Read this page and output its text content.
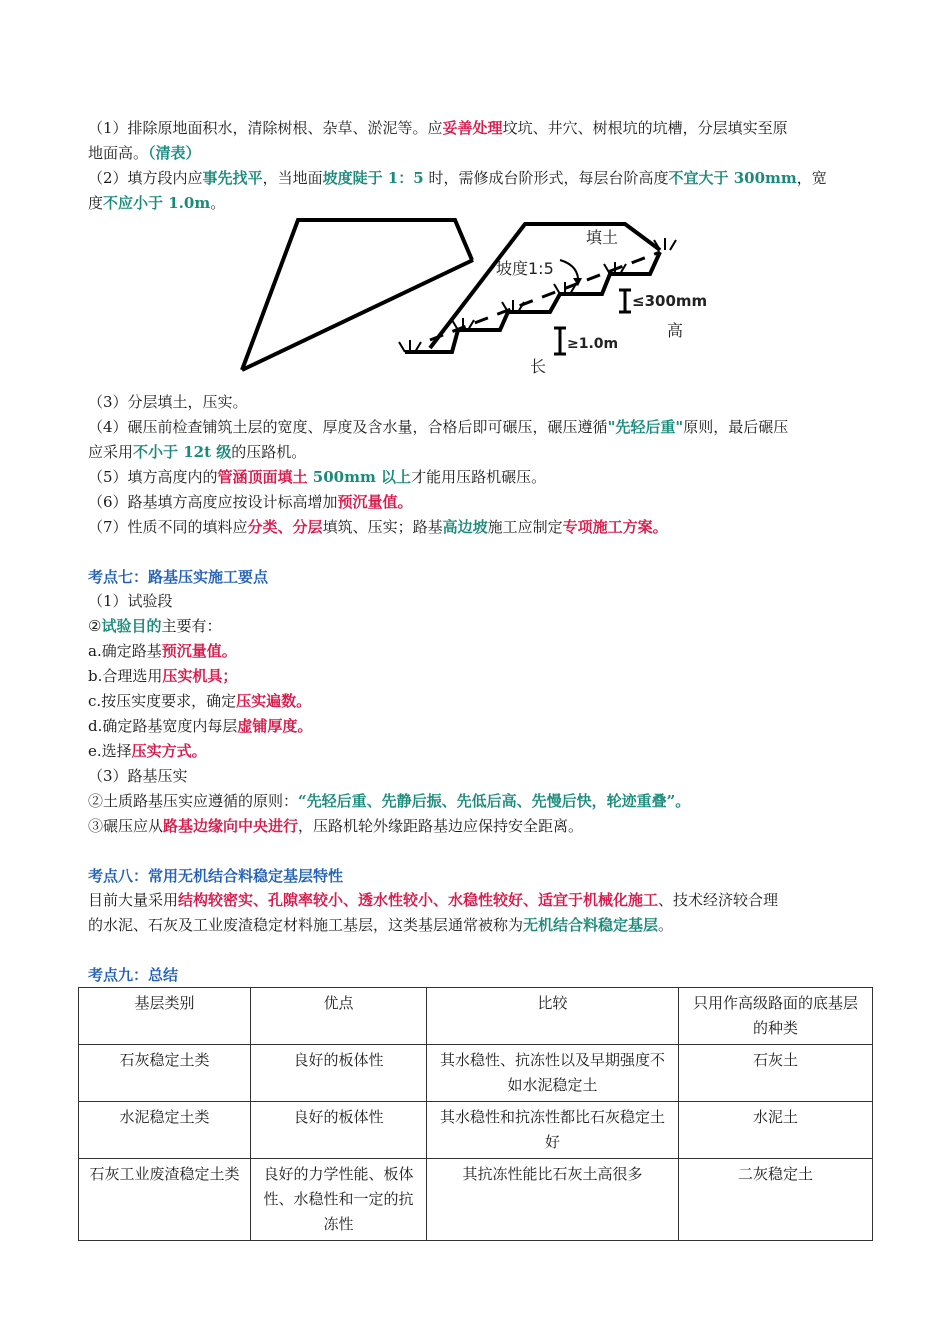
（1）排除原地面积水，清除树根、杂草、淤泥等。应妥善处理坟坑、井穴、树根坑的坑槽，分层填实至原
地面高。（清表）
（2）填方段内应事先找平，当地面坡度陡于 1：5 时，需修成台阶形式，每层台阶高度不宜大于 300mm，宽
度不应小于 1.0m。
填土
坡度1:5
≤300mm
高
≥1.0m
长
（3）分层填土，压实。
（4）碾压前检查铺筑土层的宽度、厚度及含水量，合格后即可碾压，碾压遵循"先轻后重"原则，最后碾压
应采用不小于 12t 级的压路机。
（5）填方高度内的管涵顶面填土 500mm 以上才能用压路机碾压。
（6）路基填方高度应按设计标高增加预沉量值。
（7）性质不同的填料应分类、分层填筑、压实；路基高边坡施工应制定专项施工方案。
考点七：路基压实施工要点
（1）试验段
②试验目的主要有：
a.确定路基预沉量值。
b.合理选用压实机具；
c.按压实度要求，确定压实遍数。
d.确定路基宽度内每层虚铺厚度。
e.选择压实方式。
（3）路基压实
②土质路基压实应遵循的原则：“先轻后重、先静后振、先低后高、先慢后快，轮迹重叠”。
③碾压应从路基边缘向中央进行，压路机轮外缘距路基边应保持安全距离。
考点八：常用无机结合料稳定基层特性
目前大量采用结构较密实、孔隙率较小、透水性较小、水稳性较好、适宜于机械化施工、技术经济较合理
的水泥、石灰及工业废渣稳定材料施工基层，这类基层通常被称为无机结合料稳定基层。
考点九：总结
基层类别	优点	比较	只用作高级路面的底基层的种类
石灰稳定土类	良好的板体性	其水稳性、抗冻性以及早期强度不如水泥稳定土	石灰土
水泥稳定土类	良好的板体性	其水稳性和抗冻性都比石灰稳定土好	水泥土
石灰工业废渣稳定土类	良好的力学性能、板体性、水稳性和一定的抗冻性	其抗冻性能比石灰土高很多	二灰稳定土
